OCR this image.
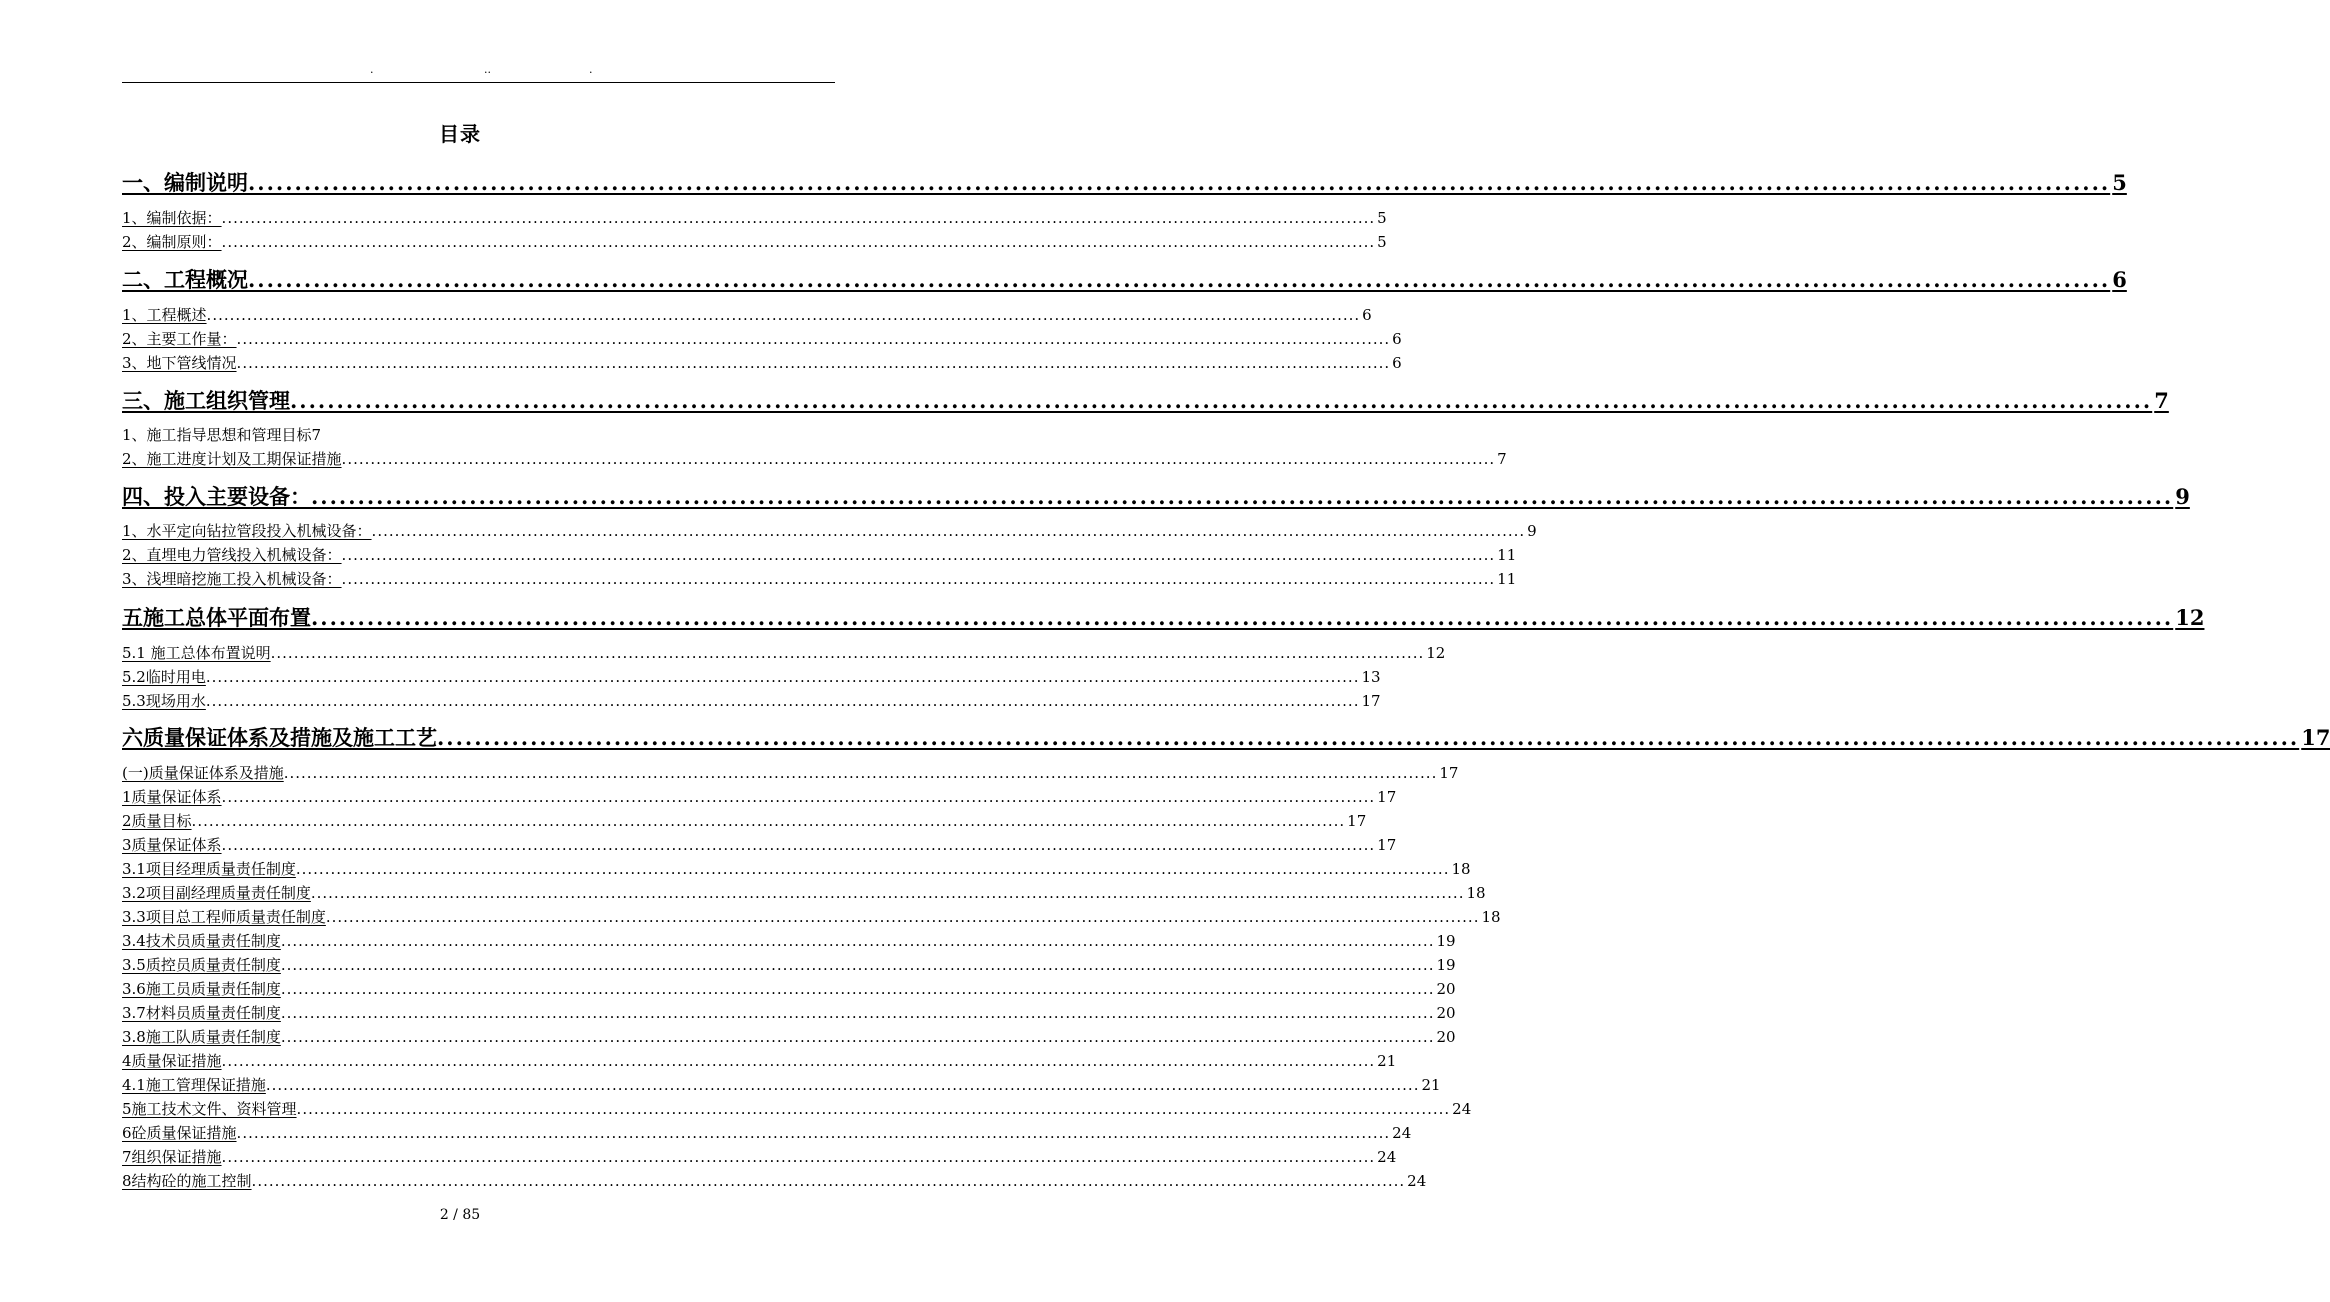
.	..	.
目录
一、编制说明 ........................................................................................................................................................................................................ 5
1、编制依据： ........................................................................................................................................................................................................ 5
2、编制原则： ........................................................................................................................................................................................................ 5
二、工程概况 ........................................................................................................................................................................................................ 6
1、工程概述 ........................................................................................................................................................................................................ 6
2、主要工作量： ........................................................................................................................................................................................................ 6
3、地下管线情况 ........................................................................................................................................................................................................ 6
三、施工组织管理 ........................................................................................................................................................................................................ 7
1、施工指导思想和管理目标7
2、施工进度计划及工期保证措施 ........................................................................................................................................................................................................ 7
四、投入主要设备： ........................................................................................................................................................................................................ 9
1、水平定向钻拉管段投入机械设备： ........................................................................................................................................................................................................ 9
2、直埋电力管线投入机械设备： ........................................................................................................................................................................................................ 11
3、浅埋暗挖施工投入机械设备： ........................................................................................................................................................................................................ 11
五施工总体平面布置 ........................................................................................................................................................................................................ 12
5.1 施工总体布置说明 ........................................................................................................................................................................................................ 12
5.2临时用电 ........................................................................................................................................................................................................ 13
5.3现场用水 ........................................................................................................................................................................................................ 17
六质量保证体系及措施及施工工艺 ........................................................................................................................................................................................................ 17
(一)质量保证体系及措施 ........................................................................................................................................................................................................ 17
1质量保证体系 ........................................................................................................................................................................................................ 17
2质量目标 ........................................................................................................................................................................................................ 17
3质量保证体系 ........................................................................................................................................................................................................ 17
3.1项目经理质量责任制度 ........................................................................................................................................................................................................ 18
3.2项目副经理质量责任制度 ........................................................................................................................................................................................................ 18
3.3项目总工程师质量责任制度 ........................................................................................................................................................................................................ 18
3.4技术员质量责任制度 ........................................................................................................................................................................................................ 19
3.5质控员质量责任制度 ........................................................................................................................................................................................................ 19
3.6施工员质量责任制度 ........................................................................................................................................................................................................ 20
3.7材料员质量责任制度 ........................................................................................................................................................................................................ 20
3.8施工队质量责任制度 ........................................................................................................................................................................................................ 20
4质量保证措施 ........................................................................................................................................................................................................ 21
4.1施工管理保证措施 ........................................................................................................................................................................................................ 21
5施工技术文件、资料管理 ........................................................................................................................................................................................................ 24
6砼质量保证措施 ........................................................................................................................................................................................................ 24
7组织保证措施 ........................................................................................................................................................................................................ 24
8结构砼的施工控制 ........................................................................................................................................................................................................ 24
2 / 85
